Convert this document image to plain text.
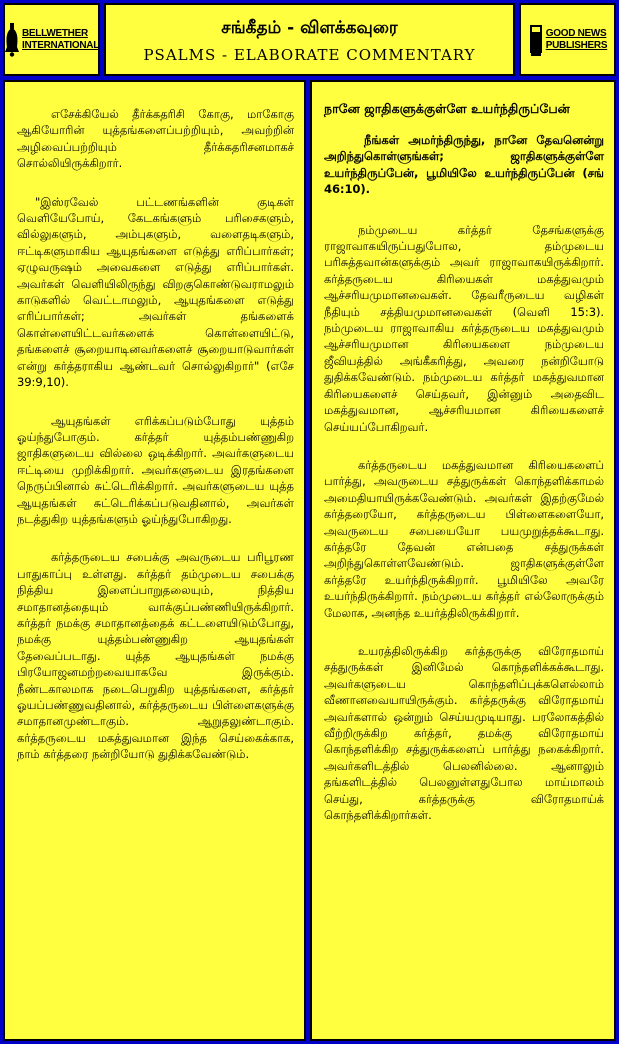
BELLWETHER
INTERNATIONAL
சங்கீதம் - விளக்கவுரை
PSALMS - ELABORATE COMMENTARY
GOOD NEWS
PUBLISHERS

எசேக்கியேல் தீர்க்கதரிசி கோகு, மாகோகு ஆகியோரின் யுத்தங்களைப்பற்றியும், அவற்றின் அழிவைப்பற்றியும் தீர்க்கதரிசனமாகச் சொல்லியிருக்கிறார்.

"இஸ்ரவேல் பட்டணங்களின் குடிகள் வெளியேபோய், கேடகங்களும் பரிசைகளும், வில்லுகளும், அம்புகளும், வளைதடிகளும், ஈட்டிகளுமாகிய ஆயுதங்களை எடுத்து எரிப்பார்கள்; ஏழுவருஷம் அவைகளை எடுத்து எரிப்பார்கள். அவர்கள் வெளியிலிருந்து விறகுகொண்டுவராமலும் காடுகளில் வெட்டாமலும், ஆயுதங்களை எடுத்து எரிப்பார்கள்; அவர்கள் தங்களைக் கொள்ளையிட்டவர்களைக் கொள்ளையிட்டு, தங்களைச் சூறையாடினவர்களைச் சூறையாடுவார்கள் என்று கர்த்தராகிய ஆண்டவர் சொல்லுகிறார்" (எசே 39:9,10).

ஆயுதங்கள் எரிக்கப்படும்போது யுத்தம் ஓய்ந்துபோகும். கர்த்தர் யுத்தம்பண்ணுகிற ஜாதிகளுடைய வில்லை ஒடிக்கிறார். அவர்களுடைய ஈட்டியை முறிக்கிறார். அவர்களுடைய இரதங்களை நெருப்பினால் சுட்டெரிக்கிறார். அவர்களுடைய யுத்த ஆயுதங்கள் சுட்டெரிக்கப்படுவதினால், அவர்கள் நடத்துகிற யுத்தங்களும் ஓய்ந்துபோகிறது.

கர்த்தருடைய சபைக்கு அவருடைய பரிபூரண பாதுகாப்பு உள்ளது. கர்த்தர் தம்முடைய சபைக்கு நித்திய இளைப்பாறுதலையும், நித்திய சமாதானத்தையும் வாக்குப்பண்ணியிருக்கிறார். கர்த்தர் நமக்கு சமாதானத்தைக் கட்டளையிடும்போது, நமக்கு யுத்தம்பண்ணுகிற ஆயுதங்கள் தேவைப்படாது. யுத்த ஆயுதங்கள் நமக்கு பிரயோஜனமற்றவையாகவே இருக்கும். நீண்டகாலமாக நடைபெறுகிற யுத்தங்களை, கர்த்தர் ஓயப்பண்ணுவதினால், கர்த்தருடைய பிள்ளைகளுக்கு சமாதானமுண்டாகும். ஆறுதலுண்டாகும். கர்த்தருடைய மகத்துவமான இந்த செய்கைக்காக, நாம் கர்த்தரை நன்றியோடு துதிக்கவேண்டும்.

நானே ஜாதிகளுக்குள்ளே உயர்ந்திருப்பேன்

நீங்கள் அமர்ந்திருந்து, நானே தேவனென்று அறிந்துகொள்ளுங்கள்; ஜாதிகளுக்குள்ளே உயர்ந்திருப்பேன், பூமியிலே உயர்ந்திருப்பேன் (சங் 46:10).

நம்முடைய கர்த்தர் தேசங்களுக்கு ராஜாவாகயிருப்பதுபோல, தம்முடைய பரிசுத்தவான்களுக்கும் அவர் ராஜாவாகயிருக்கிறார். கர்த்தருடைய கிரியைகள் மகத்துவமும் ஆச்சரியமுமானவைகள். தேவரீருடைய வழிகள் நீதியும் சத்தியமுமானவைகள் (வெளி 15:3). நம்முடைய ராஜாவாகிய கர்த்தருடைய மகத்துவமும் ஆச்சரியமுமான கிரியைகளை நம்முடைய ஜீவியத்தில் அங்கீகரித்து, அவரை நன்றியோடு துதிக்கவேண்டும். நம்முடைய கர்த்தர் மகத்துவமான கிரியைகளைச் செய்தவர், இன்னும் அதைவிட மகத்துவமான, ஆச்சரியமான கிரியைகளைச் செய்யப்போகிறவர்.

கர்த்தருடைய மகத்துவமான கிரியைகளைப் பார்த்து, அவருடைய சத்துருக்கள் கொந்தளிக்காமல் அமைதியாயிருக்கவேண்டும். அவர்கள் இதற்குமேல் கர்த்தரையோ, கர்த்தருடைய பிள்ளைகளையோ, அவருடைய சபையையோ பயமுறுத்தக்கூடாது. கர்த்தரே தேவன் என்பதை சத்துருக்கள் அறிந்துகொள்ளவேண்டும். ஜாதிகளுக்குள்ளே கர்த்தரே உயர்ந்திருக்கிறார். பூமியிலே அவரே உயர்ந்திருக்கிறார். நம்முடைய கர்த்தர் எல்லோருக்கும் மேலாக, அனந்த உயர்த்திலிருக்கிறார்.

உயரத்திலிருக்கிற கர்த்தருக்கு விரோதமாய் சத்துருக்கள் இனிமேல் கொந்தளிக்கக்கூடாது. அவர்களுடைய கொந்தளிப்புக்களெல்லாம் வீணானவையாயிருக்கும். கர்த்தருக்கு விரோதமாய் அவர்களால் ஒன்றும் செய்யமுடியாது. பரலோகத்தில் வீற்றிருக்கிற கர்த்தர், தமக்கு விரோதமாய் கொந்தளிக்கிற சத்துருக்களைப் பார்த்து நகைக்கிறார். அவர்களிடத்தில் பெலனில்லை. ஆனாலும் தங்களிடத்தில் பெலனுள்ளதுபோல மாய்மாலம் செய்து, கர்த்தருக்கு விரோதமாய்க் கொந்தளிக்கிறார்கள்.
